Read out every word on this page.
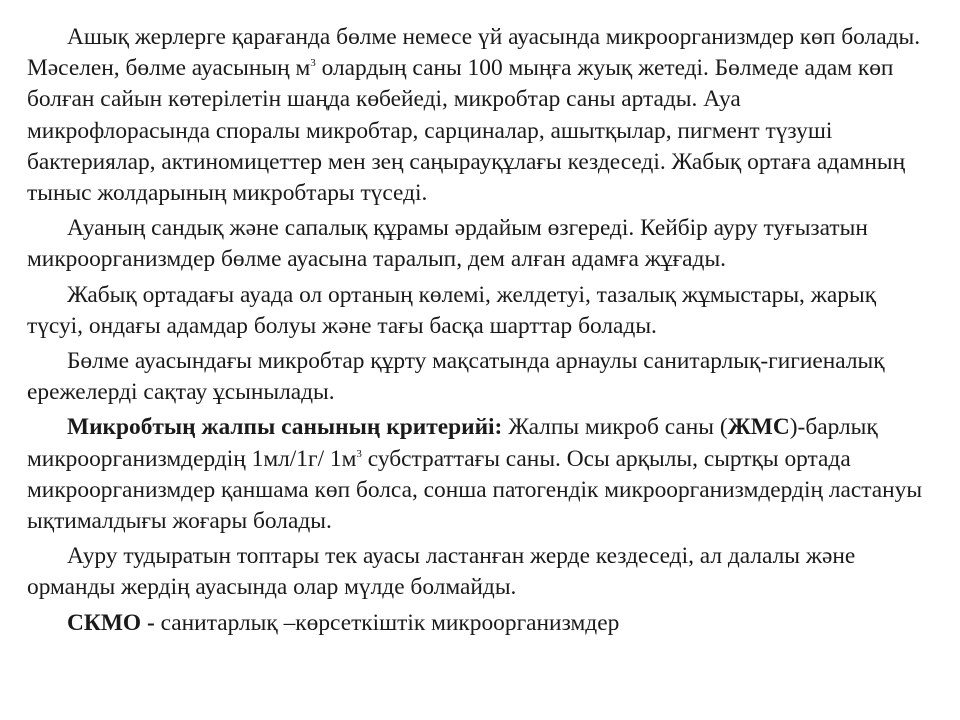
Ашық жерлерге қарағанда бөлме немесе үй ауасында микроорганизмдер көп болады. Мәселен, бөлме ауасының $м^3$ олардың саны 100 мыңға жуық жетеді. Бөлмеде адам көп болған сайын көтерілетін шаңда көбейеді, микробтар саны артады. Ауа микрофлорасында споралы микробтар, сарциналар, ашытқылар, пигмент түзуші бактериялар, актиномицеттер мен зең саңырауқұлағы кездеседі. Жабық ортаға адамның тыныс жолдарының микробтары түседі.

Ауаның сандық және сапалық құрамы әрдайым өзгереді. Кейбір ауру туғызатын микроорганизмдер бөлме ауасына таралып, дем алған адамға жұғады.

Жабық ортадағы ауада ол ортаның көлемі, желдетуі, тазалық жұмыстары, жарық түсуі, ондағы адамдар болуы және тағы басқа шарттар болады.

Бөлме ауасындағы микробтар құрту мақсатында арнаулы санитарлық-гигиеналық ережелерді сақтау ұсынылады.

Микробтың жалпы санының критерийі: Жалпы микроб саны (ЖМС)-барлық микроорганизмдердің 1мл/1г/ $1м^3$ субстраттағы саны. Осы арқылы, сыртқы ортада микроорганизмдер қаншама көп болса, сонша патогендік микроорганизмдердің ластануы ықтималдығы жоғары болады.

Ауру тудыратын топтары тек ауасы ластанған жерде кездеседі, ал далалы және орманды жердің ауасында олар мүлде болмайды.

СКМО - санитарлық –көрсеткіштік микроорганизмдер
